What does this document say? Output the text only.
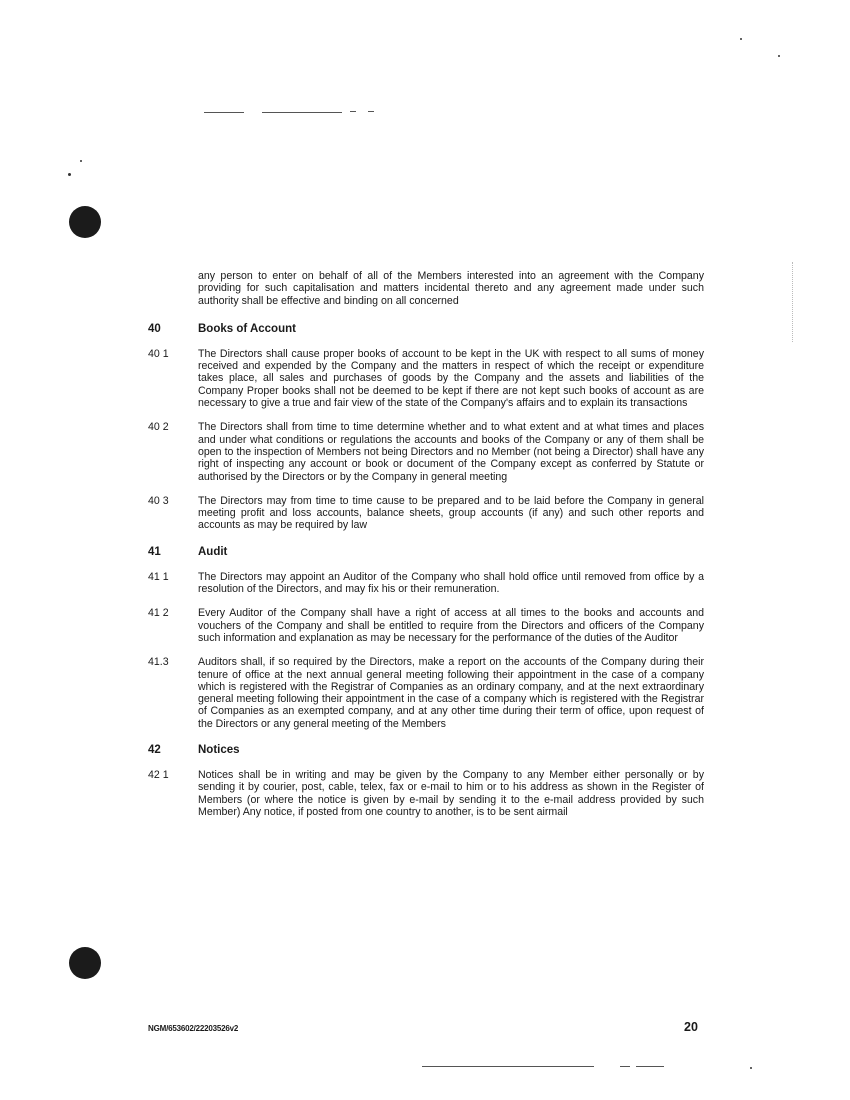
any person to enter on behalf of all of the Members interested into an agreement with the Company providing for such capitalisation and matters incidental thereto and any agreement made under such authority shall be effective and binding on all concerned
40	Books of Account
40 1	The Directors shall cause proper books of account to be kept in the UK with respect to all sums of money received and expended by the Company and the matters in respect of which the receipt or expenditure takes place, all sales and purchases of goods by the Company and the assets and liabilities of the Company Proper books shall not be deemed to be kept if there are not kept such books of account as are necessary to give a true and fair view of the state of the Company's affairs and to explain its transactions
40 2	The Directors shall from time to time determine whether and to what extent and at what times and places and under what conditions or regulations the accounts and books of the Company or any of them shall be open to the inspection of Members not being Directors and no Member (not being a Director) shall have any right of inspecting any account or book or document of the Company except as conferred by Statute or authorised by the Directors or by the Company in general meeting
40 3	The Directors may from time to time cause to be prepared and to be laid before the Company in general meeting profit and loss accounts, balance sheets, group accounts (if any) and such other reports and accounts as may be required by law
41	Audit
41 1	The Directors may appoint an Auditor of the Company who shall hold office until removed from office by a resolution of the Directors, and may fix his or their remuneration.
41 2	Every Auditor of the Company shall have a right of access at all times to the books and accounts and vouchers of the Company and shall be entitled to require from the Directors and officers of the Company such information and explanation as may be necessary for the performance of the duties of the Auditor
41.3	Auditors shall, if so required by the Directors, make a report on the accounts of the Company during their tenure of office at the next annual general meeting following their appointment in the case of a company which is registered with the Registrar of Companies as an ordinary company, and at the next extraordinary general meeting following their appointment in the case of a company which is registered with the Registrar of Companies as an exempted company, and at any other time during their term of office, upon request of the Directors or any general meeting of the Members
42	Notices
42 1	Notices shall be in writing and may be given by the Company to any Member either personally or by sending it by courier, post, cable, telex, fax or e-mail to him or to his address as shown in the Register of Members (or where the notice is given by e-mail by sending it to the e-mail address provided by such Member) Any notice, if posted from one country to another, is to be sent airmail
NGM/653602/22203526v2	20
